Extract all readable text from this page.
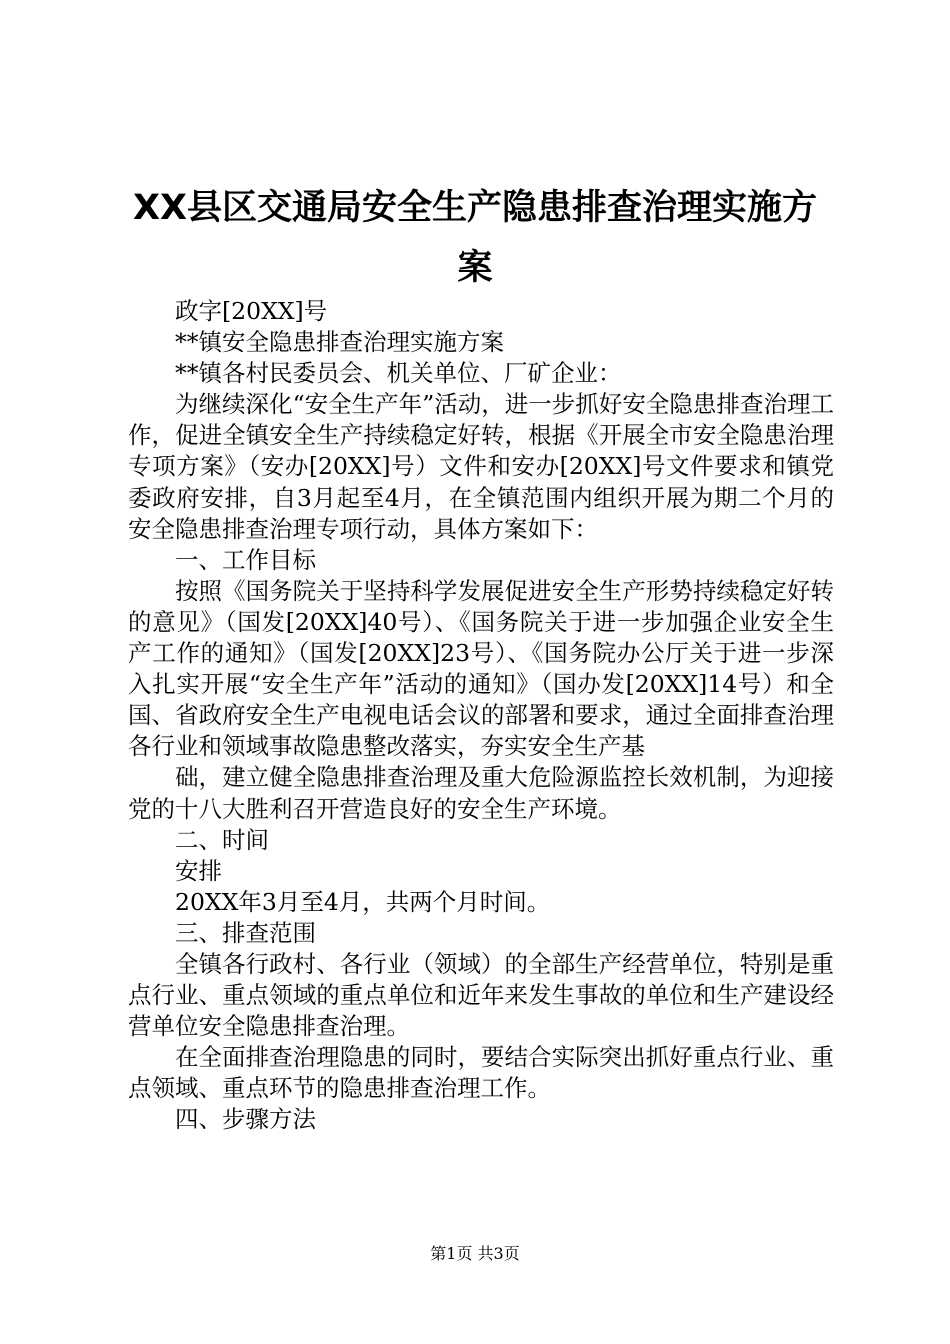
XX县区交通局安全生产隐患排查治理实施方
案

政字[20XX]号

**镇安全隐患排查治理实施方案

**镇各村民委员会、机关单位、厂矿企业：

为继续深化“安全生产年”活动，进一步抓好安全隐患排查治理工作，促进全镇安全生产持续稳定好转，根据《开展全市安全隐患治理专项方案》（安办[20XX]号）文件和安办[20XX]号文件要求和镇党委政府安排，自3月起至4月，在全镇范围内组织开展为期二个月的安全隐患排查治理专项行动，具体方案如下：

一、工作目标

按照《国务院关于坚持科学发展促进安全生产形势持续稳定好转的意见》（国发[20XX]40号）、《国务院关于进一步加强企业安全生产工作的通知》（国发[20XX]23号）、《国务院办公厅关于进一步深入扎实开展“安全生产年”活动的通知》（国办发[20XX]14号）和全国、省政府安全生产电视电话会议的部署和要求，通过全面排查治理各行业和领域事故隐患整改落实，夯实安全生产基

础，建立健全隐患排查治理及重大危险源监控长效机制，为迎接党的十八大胜利召开营造良好的安全生产环境。

二、时间

安排

20XX年3月至4月，共两个月时间。

三、排查范围

全镇各行政村、各行业（领域）的全部生产经营单位，特别是重点行业、重点领域的重点单位和近年来发生事故的单位和生产建设经营单位安全隐患排查治理。

在全面排查治理隐患的同时，要结合实际突出抓好重点行业、重点领域、重点环节的隐患排查治理工作。

四、步骤方法

第1页 共3页
